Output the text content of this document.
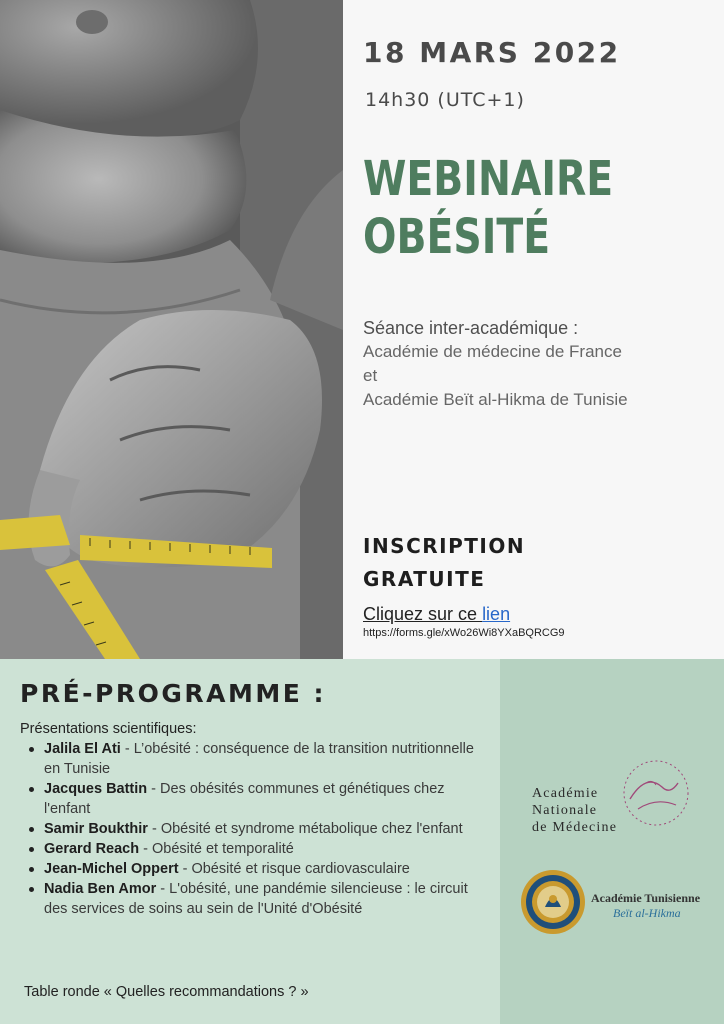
18 MARS 2022
14h30 (UTC+1)
WEBINAIRE
OBÉSITÉ
Séance inter-académique :
Académie de médecine de France
et
Académie Beït al-Hikma de Tunisie
INSCRIPTION
GRATUITE
Cliquez sur ce lien
https://forms.gle/xWo26Wi8YXaBQRCG9
PRÉ-PROGRAMME :
Présentations scientifiques:
Jalila El Ati - L’obésité : conséquence de la transition nutritionnelle en Tunisie
Jacques Battin - Des obésités communes et génétiques chez l'enfant
Samir Boukthir - Obésité et syndrome métabolique chez l'enfant
Gerard Reach - Obésité et temporalité
Jean-Michel Oppert - Obésité et risque cardiovasculaire
Nadia Ben Amor - L'obésité, une pandémie silencieuse : le circuit des services de soins au sein de l'Unité d'Obésité
Table ronde « Quelles recommandations ? »
Académie
Nationale
de Médecine
Académie Tunisienne
Beït al-Hikma
